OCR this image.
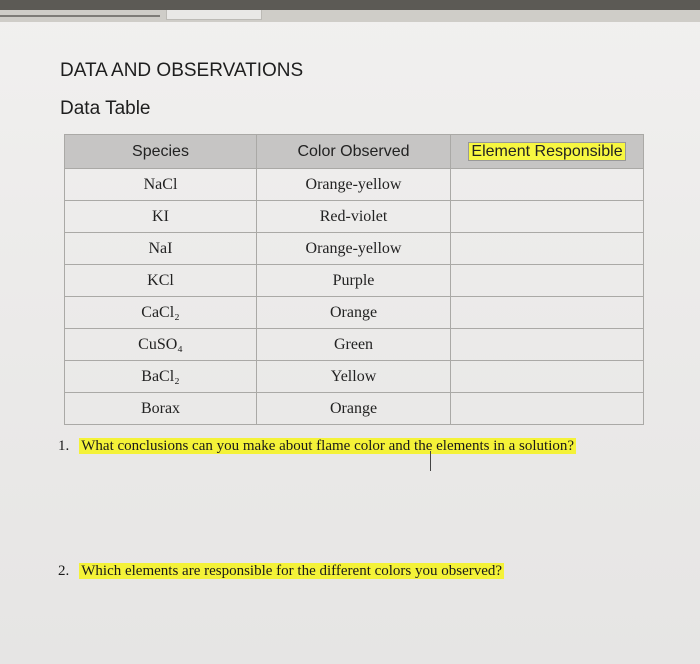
DATA AND OBSERVATIONS
Data Table
Species	Color Observed	Element Responsible
NaCl	Orange-yellow	
KI	Red-violet	
NaI	Orange-yellow	
KCl	Purple	
CaCl₂	Orange	
CuSO₄	Green	
BaCl₂	Yellow	
Borax	Orange	
1. What conclusions can you make about flame color and the elements in a solution?
2. Which elements are responsible for the different colors you observed?
